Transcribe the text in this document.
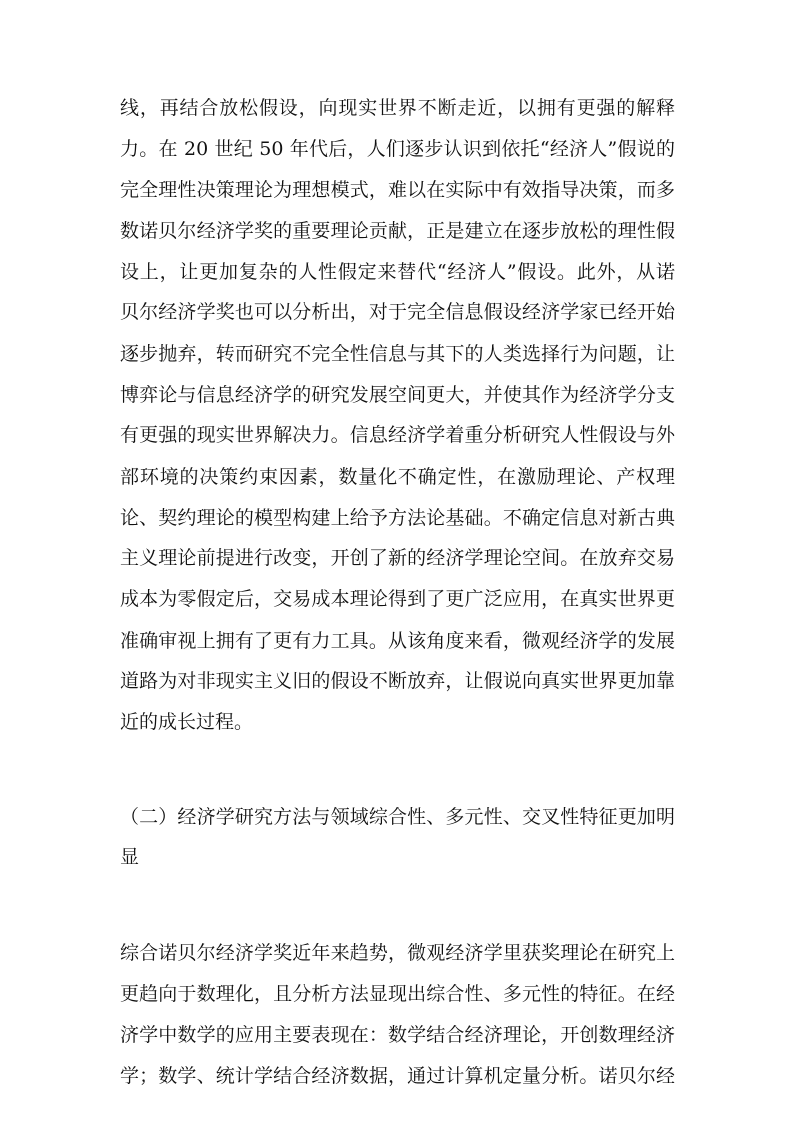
线，再结合放松假设，向现实世界不断走近，以拥有更强的解释
力。在 20 世纪 50 年代后，人们逐步认识到依托“经济人”假说的
完全理性决策理论为理想模式，难以在实际中有效指导决策，而多
数诺贝尔经济学奖的重要理论贡献，正是建立在逐步放松的理性假
设上，让更加复杂的人性假定来替代“经济人”假设。此外，从诺
贝尔经济学奖也可以分析出，对于完全信息假设经济学家已经开始
逐步抛弃，转而研究不完全性信息与其下的人类选择行为问题，让
博弈论与信息经济学的研究发展空间更大，并使其作为经济学分支
有更强的现实世界解决力。信息经济学着重分析研究人性假设与外
部环境的决策约束因素，数量化不确定性，在激励理论、产权理
论、契约理论的模型构建上给予方法论基础。不确定信息对新古典
主义理论前提进行改变，开创了新的经济学理论空间。在放弃交易
成本为零假定后，交易成本理论得到了更广泛应用，在真实世界更
准确审视上拥有了更有力工具。从该角度来看，微观经济学的发展
道路为对非现实主义旧的假设不断放弃，让假说向真实世界更加靠
近的成长过程。
（二）经济学研究方法与领域综合性、多元性、交叉性特征更加明
显
综合诺贝尔经济学奖近年来趋势，微观经济学里获奖理论在研究上
更趋向于数理化，且分析方法显现出综合性、多元性的特征。在经
济学中数学的应用主要表现在：数学结合经济理论，开创数理经济
学；数学、统计学结合经济数据，通过计算机定量分析。诺贝尔经
